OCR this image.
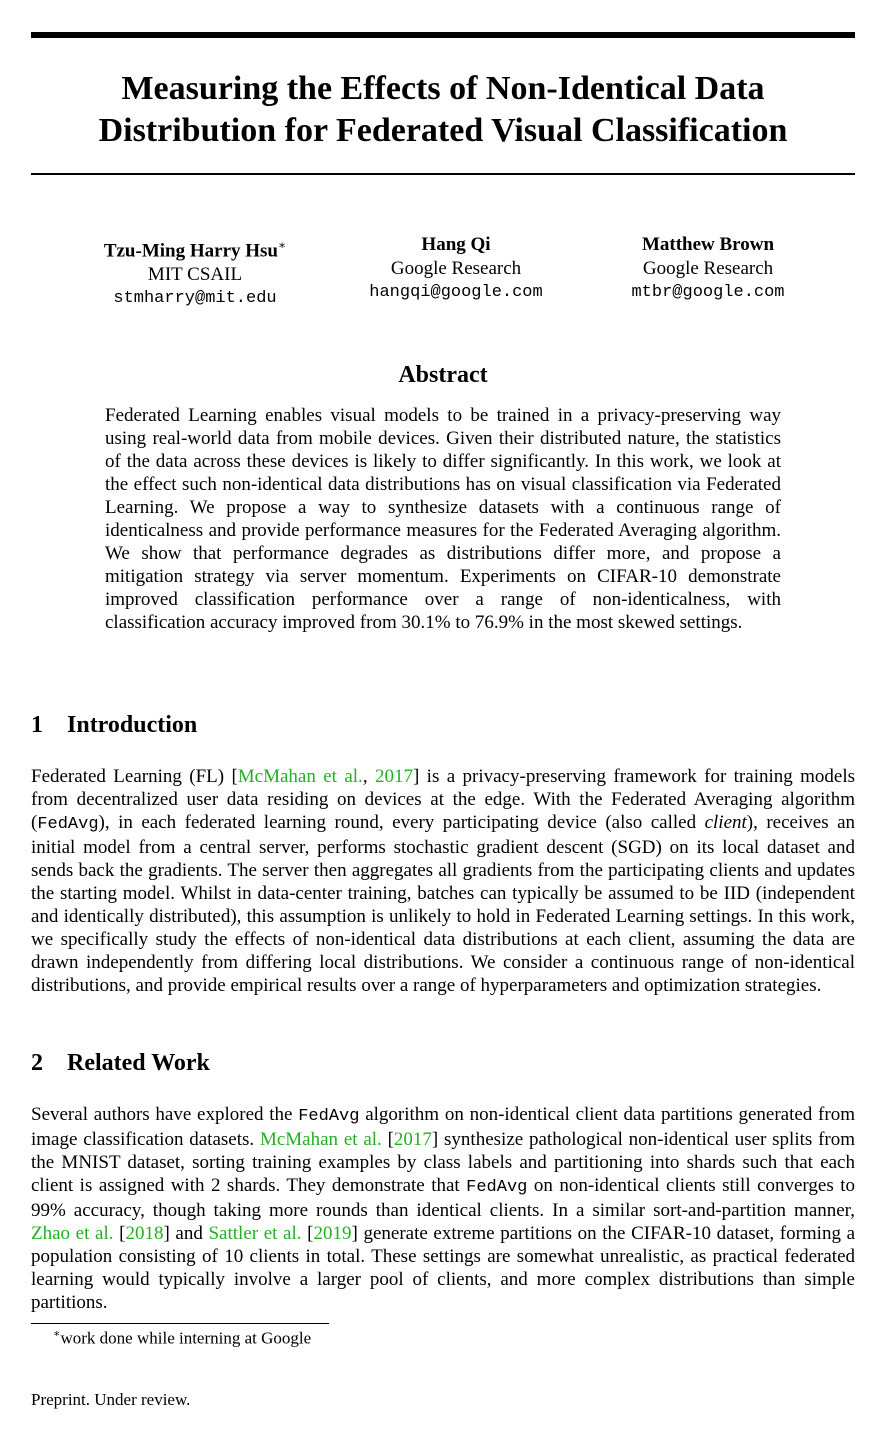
Measuring the Effects of Non-Identical Data
Distribution for Federated Visual Classification
Tzu-Ming Harry Hsu∗
MIT CSAIL
stmharry@mit.edu
Hang Qi
Google Research
hangqi@google.com
Matthew Brown
Google Research
mtbr@google.com
Abstract

Federated Learning enables visual models to be trained in a privacy-preserving way using real-world data from mobile devices. Given their distributed nature, the statistics of the data across these devices is likely to differ significantly. In this work, we look at the effect such non-identical data distributions has on visual classification via Federated Learning. We propose a way to synthesize datasets with a continuous range of identicalness and provide performance measures for the Federated Averaging algorithm. We show that performance degrades as distributions differ more, and propose a mitigation strategy via server momentum. Experiments on CIFAR-10 demonstrate improved classification performance over a range of non-identicalness, with classification accuracy improved from 30.1% to 76.9% in the most skewed settings.

1 Introduction

Federated Learning (FL) [McMahan et al., 2017] is a privacy-preserving framework for training models from decentralized user data residing on devices at the edge. With the Federated Averaging algorithm (FedAvg), in each federated learning round, every participating device (also called client), receives an initial model from a central server, performs stochastic gradient descent (SGD) on its local dataset and sends back the gradients. The server then aggregates all gradients from the participating clients and updates the starting model. Whilst in data-center training, batches can typically be assumed to be IID (independent and identically distributed), this assumption is unlikely to hold in Federated Learning settings. In this work, we specifically study the effects of non-identical data distributions at each client, assuming the data are drawn independently from differing local distributions. We consider a continuous range of non-identical distributions, and provide empirical results over a range of hyperparameters and optimization strategies.

2 Related Work

Several authors have explored the FedAvg algorithm on non-identical client data partitions generated from image classification datasets. McMahan et al. [2017] synthesize pathological non-identical user splits from the MNIST dataset, sorting training examples by class labels and partitioning into shards such that each client is assigned with 2 shards. They demonstrate that FedAvg on non-identical clients still converges to 99% accuracy, though taking more rounds than identical clients. In a similar sort-and-partition manner, Zhao et al. [2018] and Sattler et al. [2019] generate extreme partitions on the CIFAR-10 dataset, forming a population consisting of 10 clients in total. These settings are somewhat unrealistic, as practical federated learning would typically involve a larger pool of clients, and more complex distributions than simple partitions.

∗work done while interning at Google

Preprint. Under review.
